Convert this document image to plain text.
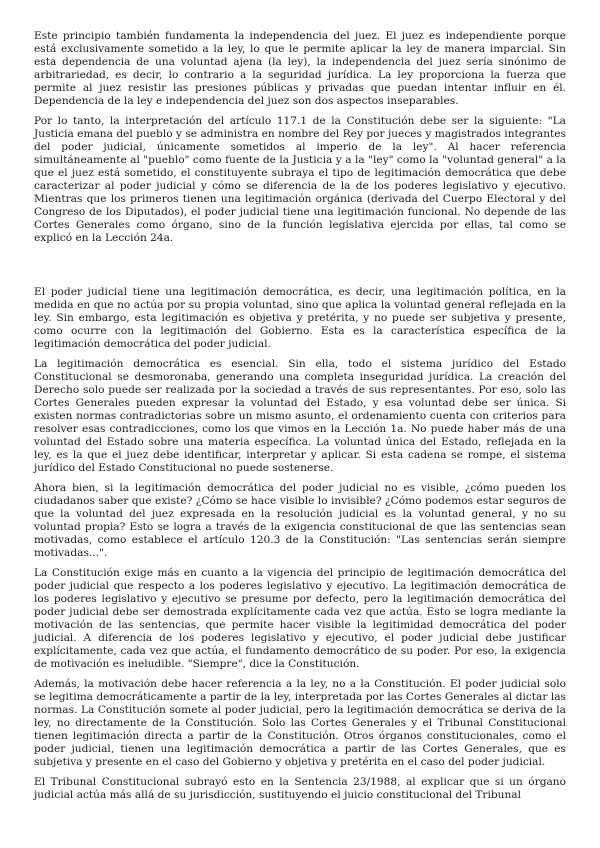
Este principio también fundamenta la independencia del juez. El juez es independiente porque está exclusivamente sometido a la ley, lo que le permite aplicar la ley de manera imparcial. Sin esta dependencia de una voluntad ajena (la ley), la independencia del juez sería sinónimo de arbitrariedad, es decir, lo contrario a la seguridad jurídica. La ley proporciona la fuerza que permite al juez resistir las presiones públicas y privadas que puedan intentar influir en él. Dependencia de la ley e independencia del juez son dos aspectos inseparables.

Por lo tanto, la interpretación del artículo 117.1 de la Constitución debe ser la siguiente: "La Justicia emana del pueblo y se administra en nombre del Rey por jueces y magistrados integrantes del poder judicial, únicamente sometidos al imperio de la ley". Al hacer referencia simultáneamente al "pueblo" como fuente de la Justicia y a la "ley" como la "voluntad general" a la que el juez está sometido, el constituyente subraya el tipo de legitimación democrática que debe caracterizar al poder judicial y cómo se diferencia de la de los poderes legislativo y ejecutivo. Mientras que los primeros tienen una legitimación orgánica (derivada del Cuerpo Electoral y del Congreso de los Diputados), el poder judicial tiene una legitimación funcional. No depende de las Cortes Generales como órgano, sino de la función legislativa ejercida por ellas, tal como se explicó en la Lección 24a.

El poder judicial tiene una legitimación democrática, es decir, una legitimación política, en la medida en que no actúa por su propia voluntad, sino que aplica la voluntad general reflejada en la ley. Sin embargo, esta legitimación es objetiva y pretérita, y no puede ser subjetiva y presente, como ocurre con la legitimación del Gobierno. Esta es la característica específica de la legitimación democrática del poder judicial.

La legitimación democrática es esencial. Sin ella, todo el sistema jurídico del Estado Constitucional se desmoronaba, generando una completa inseguridad jurídica. La creación del Derecho solo puede ser realizada por la sociedad a través de sus representantes. Por eso, solo las Cortes Generales pueden expresar la voluntad del Estado, y esa voluntad debe ser única. Si existen normas contradictorias sobre un mismo asunto, el ordenamiento cuenta con criterios para resolver esas contradicciones, como los que vimos en la Lección 1a. No puede haber más de una voluntad del Estado sobre una materia específica. La voluntad única del Estado, reflejada en la ley, es la que el juez debe identificar, interpretar y aplicar. Si esta cadena se rompe, el sistema jurídico del Estado Constitucional no puede sostenerse.

Ahora bien, si la legitimación democrática del poder judicial no es visible, ¿cómo pueden los ciudadanos saber que existe? ¿Cómo se hace visible lo invisible? ¿Cómo podemos estar seguros de que la voluntad del juez expresada en la resolución judicial es la voluntad general, y no su voluntad propia? Esto se logra a través de la exigencia constitucional de que las sentencias sean motivadas, como establece el artículo 120.3 de la Constitución: "Las sentencias serán siempre motivadas...".

La Constitución exige más en cuanto a la vigencia del principio de legitimación democrática del poder judicial que respecto a los poderes legislativo y ejecutivo. La legitimación democrática de los poderes legislativo y ejecutivo se presume por defecto, pero la legitimación democrática del poder judicial debe ser demostrada explícitamente cada vez que actúa. Esto se logra mediante la motivación de las sentencias, que permite hacer visible la legitimidad democrática del poder judicial. A diferencia de los poderes legislativo y ejecutivo, el poder judicial debe justificar explícitamente, cada vez que actúa, el fundamento democrático de su poder. Por eso, la exigencia de motivación es ineludible. "Siempre", dice la Constitución.

Además, la motivación debe hacer referencia a la ley, no a la Constitución. El poder judicial solo se legitima democráticamente a partir de la ley, interpretada por las Cortes Generales al dictar las normas. La Constitución somete al poder judicial, pero la legitimación democrática se deriva de la ley, no directamente de la Constitución. Solo las Cortes Generales y el Tribunal Constitucional tienen legitimación directa a partir de la Constitución. Otros órganos constitucionales, como el poder judicial, tienen una legitimación democrática a partir de las Cortes Generales, que es subjetiva y presente en el caso del Gobierno y objetiva y pretérita en el caso del poder judicial.

El Tribunal Constitucional subrayó esto en la Sentencia 23/1988, al explicar que si un órgano judicial actúa más allá de su jurisdicción, sustituyendo el juicio constitucional del Tribunal
